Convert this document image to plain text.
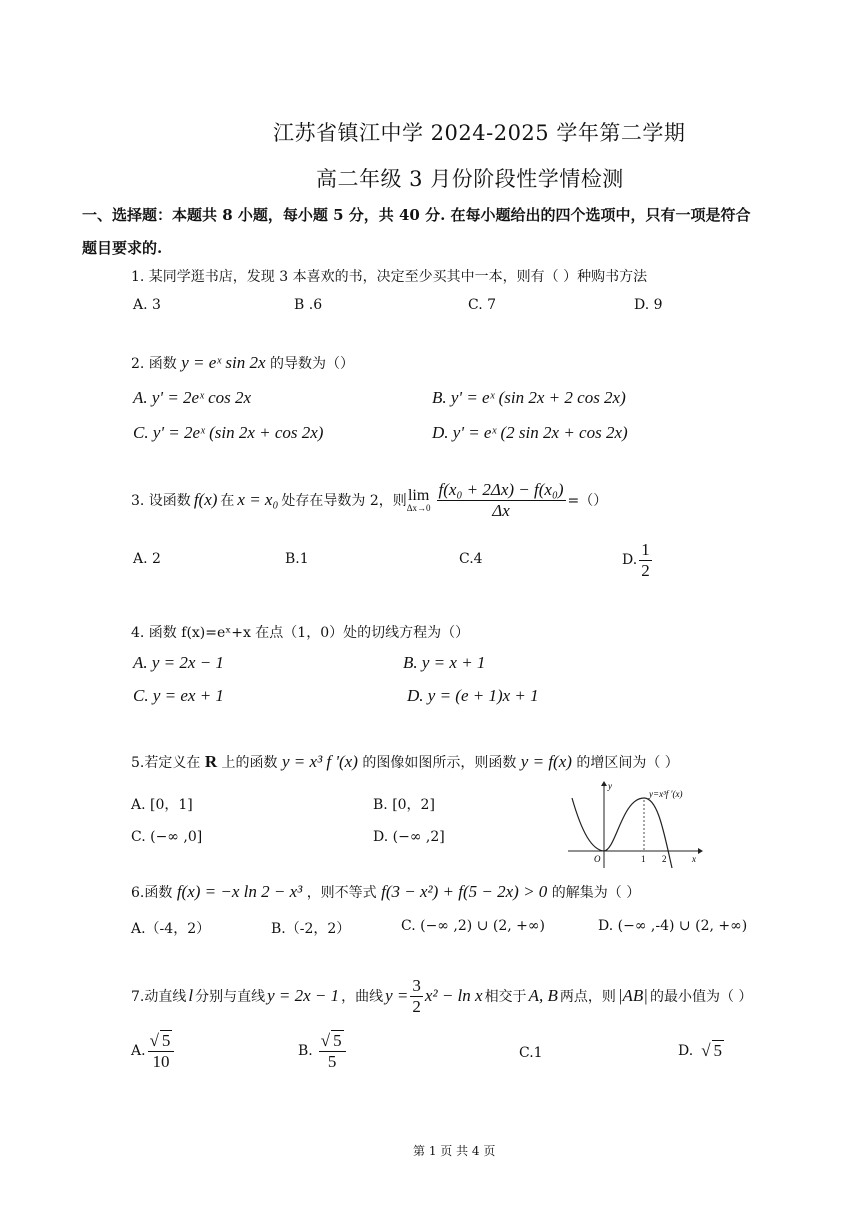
江苏省镇江中学 2024-2025 学年第二学期
高二年级 3 月份阶段性学情检测
一、选择题：本题共 8 小题，每小题 5 分，共 40 分. 在每小题给出的四个选项中，只有一项是符合
题目要求的.
1. 某同学逛书店，发现 3 本喜欢的书，决定至少买其中一本，则有（ ）种购书方法
A. 3	B .6	C. 7	D. 9
2. 函数 y = eˣ sin 2x 的导数为（）
A. y' = 2eˣ cos 2x	B. y' = eˣ (sin 2x + 2 cos 2x)
C. y' = 2eˣ (sin 2x + cos 2x)	D. y' = eˣ (2 sin 2x + cos 2x)
3. 设函数 f(x) 在 x = x₀ 处存在导数为 2，则 lim
$\Delta x\to 0 \frac{\text{f(x₀ + 2Δx) − f(x₀)}}{\Delta x}$ =（）
A. 2	B.1	C.4	D. $\frac{1}{2}$
4. 函数 f(x)=eˣ+x 在点（1，0）处的切线方程为（）
A. y = 2x − 1	B. y = x + 1
C. y = ex + 1	D. y = (e + 1)x + 1
5.若定义在 R 上的函数 y = x³ f '(x) 的图像如图所示，则函数 y = f(x) 的增区间为（ ）
A. [0，1]	B. [0，2]
C. (−∞ ,0]	D. (−∞ ,2]
y
x
y=x³f ′(x)
O	1 2
6.函数 f(x) = −x ln 2 − x³ ，则不等式 f(3 − x²) + f(5 − 2x) > 0 的解集为（ ）
A.（-4，2）	B.（-2，2）	C. (−∞ ,2) ∪ (2, +∞)	D. (−∞ ,-4) ∪ (2, +∞)
7.动直线 l 分别与直线 y = 2x − 1 ，曲线 $y = \frac{3}{2} x^2 - \ln x$ 相交于 A, B 两点，则 |AB| 的最小值为（ ）
A. $\frac{√ 5}{10}$	B. $\frac{√ 5}{5}$	C.1	D. √ 5
第 1 页 共 4 页
